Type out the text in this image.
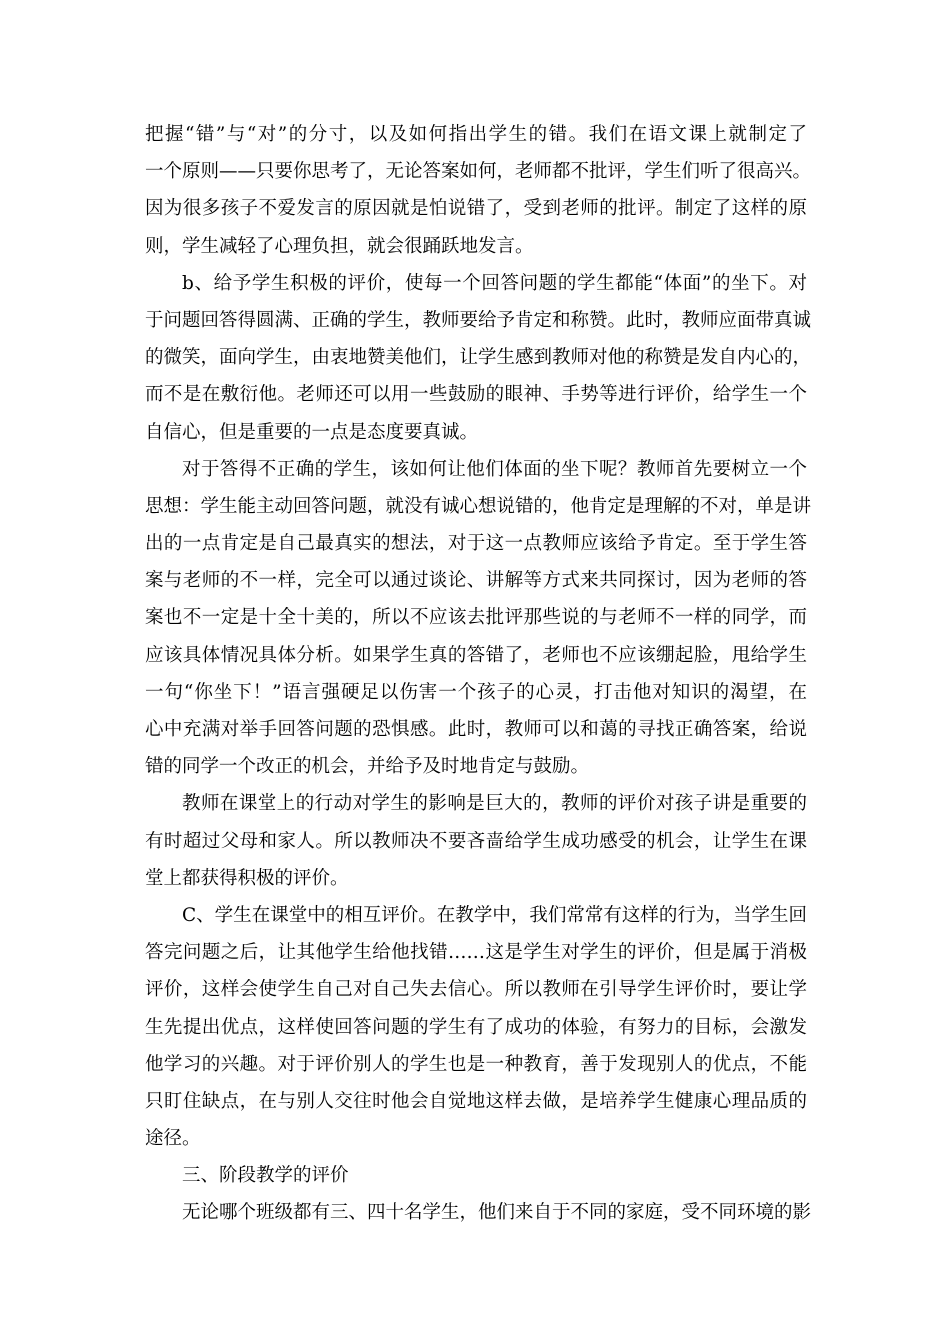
把握“错”与“对”的分寸，以及如何指出学生的错。我们在语文课上就制定了
一个原则——只要你思考了，无论答案如何，老师都不批评，学生们听了很高兴。
因为很多孩子不爱发言的原因就是怕说错了，受到老师的批评。制定了这样的原
则，学生减轻了心理负担，就会很踊跃地发言。
b、给予学生积极的评价，使每一个回答问题的学生都能“体面”的坐下。对
于问题回答得圆满、正确的学生，教师要给予肯定和称赞。此时，教师应面带真诚
的微笑，面向学生，由衷地赞美他们，让学生感到教师对他的称赞是发自内心的，
而不是在敷衍他。老师还可以用一些鼓励的眼神、手势等进行评价，给学生一个
自信心，但是重要的一点是态度要真诚。
对于答得不正确的学生，该如何让他们体面的坐下呢？教师首先要树立一个
思想：学生能主动回答问题，就没有诚心想说错的，他肯定是理解的不对，单是讲
出的一点肯定是自己最真实的想法，对于这一点教师应该给予肯定。至于学生答
案与老师的不一样，完全可以通过谈论、讲解等方式来共同探讨，因为老师的答
案也不一定是十全十美的，所以不应该去批评那些说的与老师不一样的同学，而
应该具体情况具体分析。如果学生真的答错了，老师也不应该绷起脸，甩给学生
一句“你坐下！”语言强硬足以伤害一个孩子的心灵，打击他对知识的渴望，在
心中充满对举手回答问题的恐惧感。此时，教师可以和蔼的寻找正确答案，给说
错的同学一个改正的机会，并给予及时地肯定与鼓励。
教师在课堂上的行动对学生的影响是巨大的，教师的评价对孩子讲是重要的
有时超过父母和家人。所以教师决不要吝啬给学生成功感受的机会，让学生在课
堂上都获得积极的评价。
C、学生在课堂中的相互评价。在教学中，我们常常有这样的行为，当学生回
答完问题之后，让其他学生给他找错……这是学生对学生的评价，但是属于消极
评价，这样会使学生自己对自己失去信心。所以教师在引导学生评价时，要让学
生先提出优点，这样使回答问题的学生有了成功的体验，有努力的目标，会激发
他学习的兴趣。对于评价别人的学生也是一种教育，善于发现别人的优点，不能
只盯住缺点，在与别人交往时他会自觉地这样去做，是培养学生健康心理品质的
途径。
三、阶段教学的评价
无论哪个班级都有三、四十名学生，他们来自于不同的家庭，受不同环境的影
